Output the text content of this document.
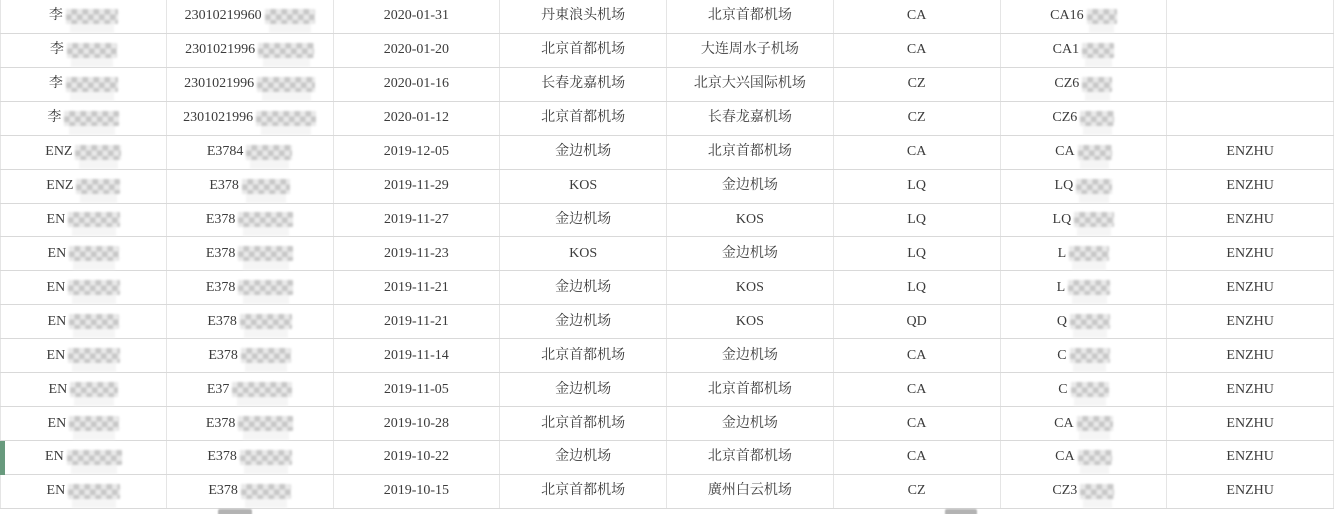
李	23010219960	2020-01-31	丹東浪头机场	北京首都机场	CA	CA16
李	2301021996	2020-01-20	北京首都机场	大连周水子机场	CA	CA1
李	2301021996	2020-01-16	长春龙嘉机场	北京大兴国际机场	CZ	CZ6
李	2301021996	2020-01-12	北京首都机场	长春龙嘉机场	CZ	CZ6
ENZ	E3784	2019-12-05	金边机场	北京首都机场	CA	CA	ENZHU
ENZ	E378	2019-11-29	KOS	金边机场	LQ	LQ	ENZHU
EN	E378	2019-11-27	金边机场	KOS	LQ	LQ	ENZHU
EN	E378	2019-11-23	KOS	金边机场	LQ	L	ENZHU
EN	E378	2019-11-21	金边机场	KOS	LQ	L	ENZHU
EN	E378	2019-11-21	金边机场	KOS	QD	Q	ENZHU
EN	E378	2019-11-14	北京首都机场	金边机场	CA	C	ENZHU
EN	E37	2019-11-05	金边机场	北京首都机场	CA	C	ENZHU
EN	E378	2019-10-28	北京首都机场	金边机场	CA	CA	ENZHU
EN	E378	2019-10-22	金边机场	北京首都机场	CA	CA	ENZHU
EN	E378	2019-10-15	北京首都机场	廣州白云机场	CZ	CZ3	ENZHU
